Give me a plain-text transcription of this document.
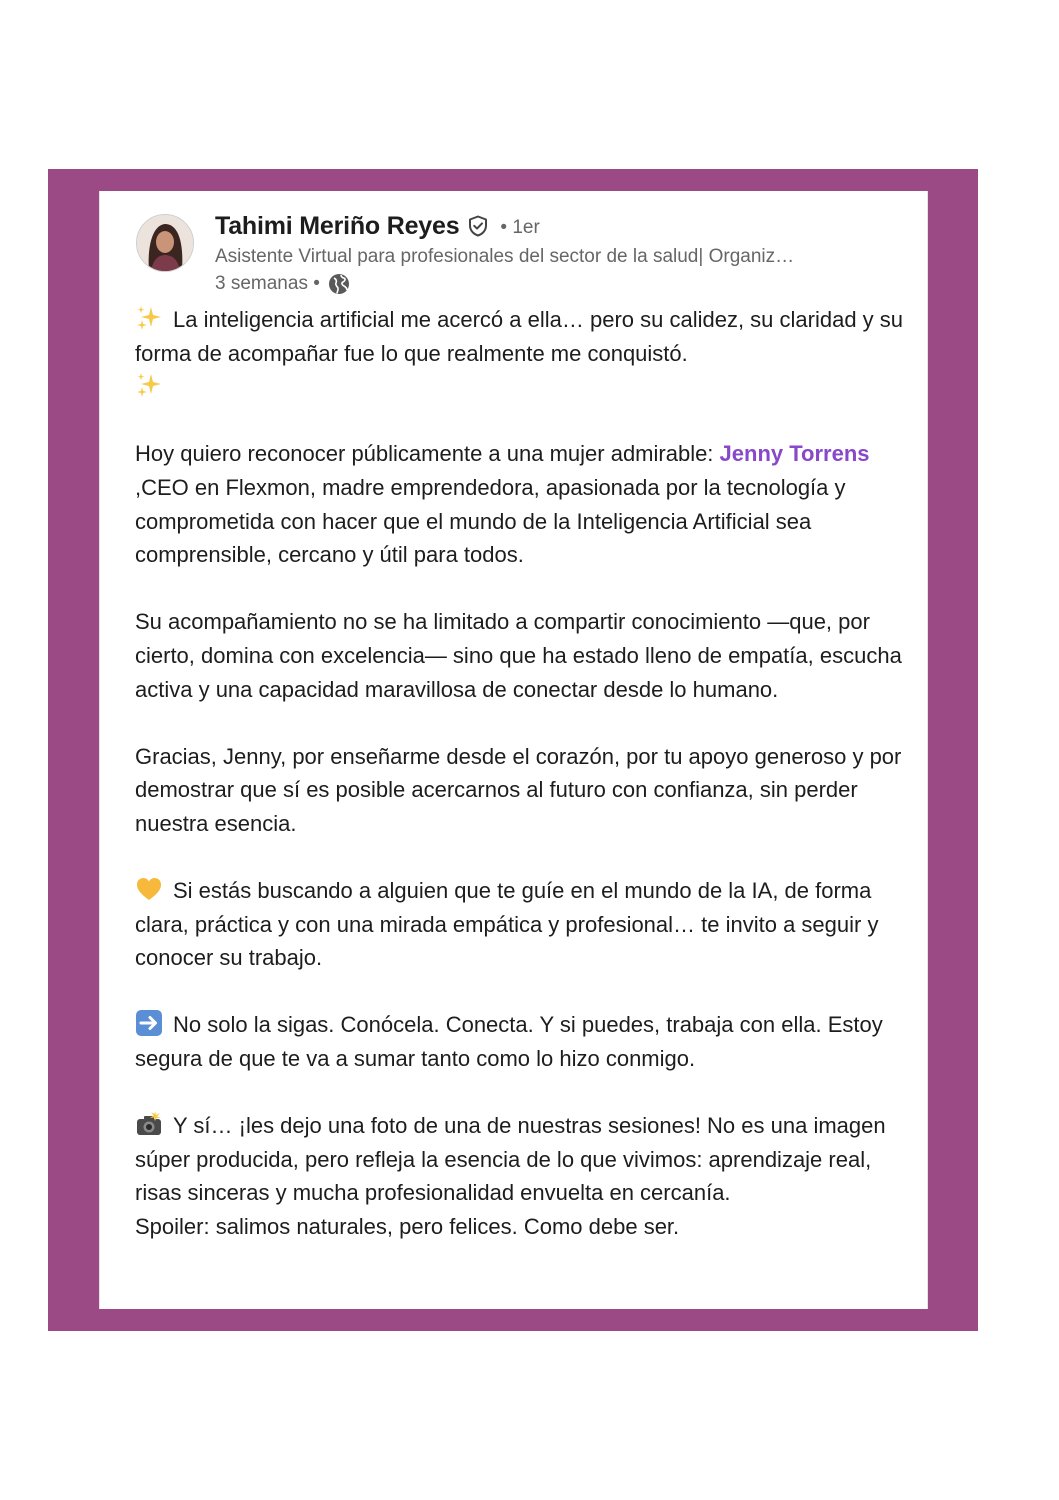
Tahimi Meriño Reyes • 1er
Asistente Virtual para profesionales del sector de la salud| Organiz…
3 semanas •

La inteligencia artificial me acercó a ella… pero su calidez, su claridad y su forma de acompañar fue lo que realmente me conquistó.

Hoy quiero reconocer públicamente a una mujer admirable: Jenny Torrens ,CEO en Flexmon, madre emprendedora, apasionada por la tecnología y comprometida con hacer que el mundo de la Inteligencia Artificial sea comprensible, cercano y útil para todos.

Su acompañamiento no se ha limitado a compartir conocimiento —que, por cierto, domina con excelencia— sino que ha estado lleno de empatía, escucha activa y una capacidad maravillosa de conectar desde lo humano.

Gracias, Jenny, por enseñarme desde el corazón, por tu apoyo generoso y por demostrar que sí es posible acercarnos al futuro con confianza, sin perder nuestra esencia.

Si estás buscando a alguien que te guíe en el mundo de la IA, de forma clara, práctica y con una mirada empática y profesional… te invito a seguir y conocer su trabajo.

No solo la sigas. Conócela. Conecta. Y si puedes, trabaja con ella. Estoy segura de que te va a sumar tanto como lo hizo conmigo.

Y sí… ¡les dejo una foto de una de nuestras sesiones! No es una imagen súper producida, pero refleja la esencia de lo que vivimos: aprendizaje real, risas sinceras y mucha profesionalidad envuelta en cercanía.
Spoiler: salimos naturales, pero felices. Como debe ser.
